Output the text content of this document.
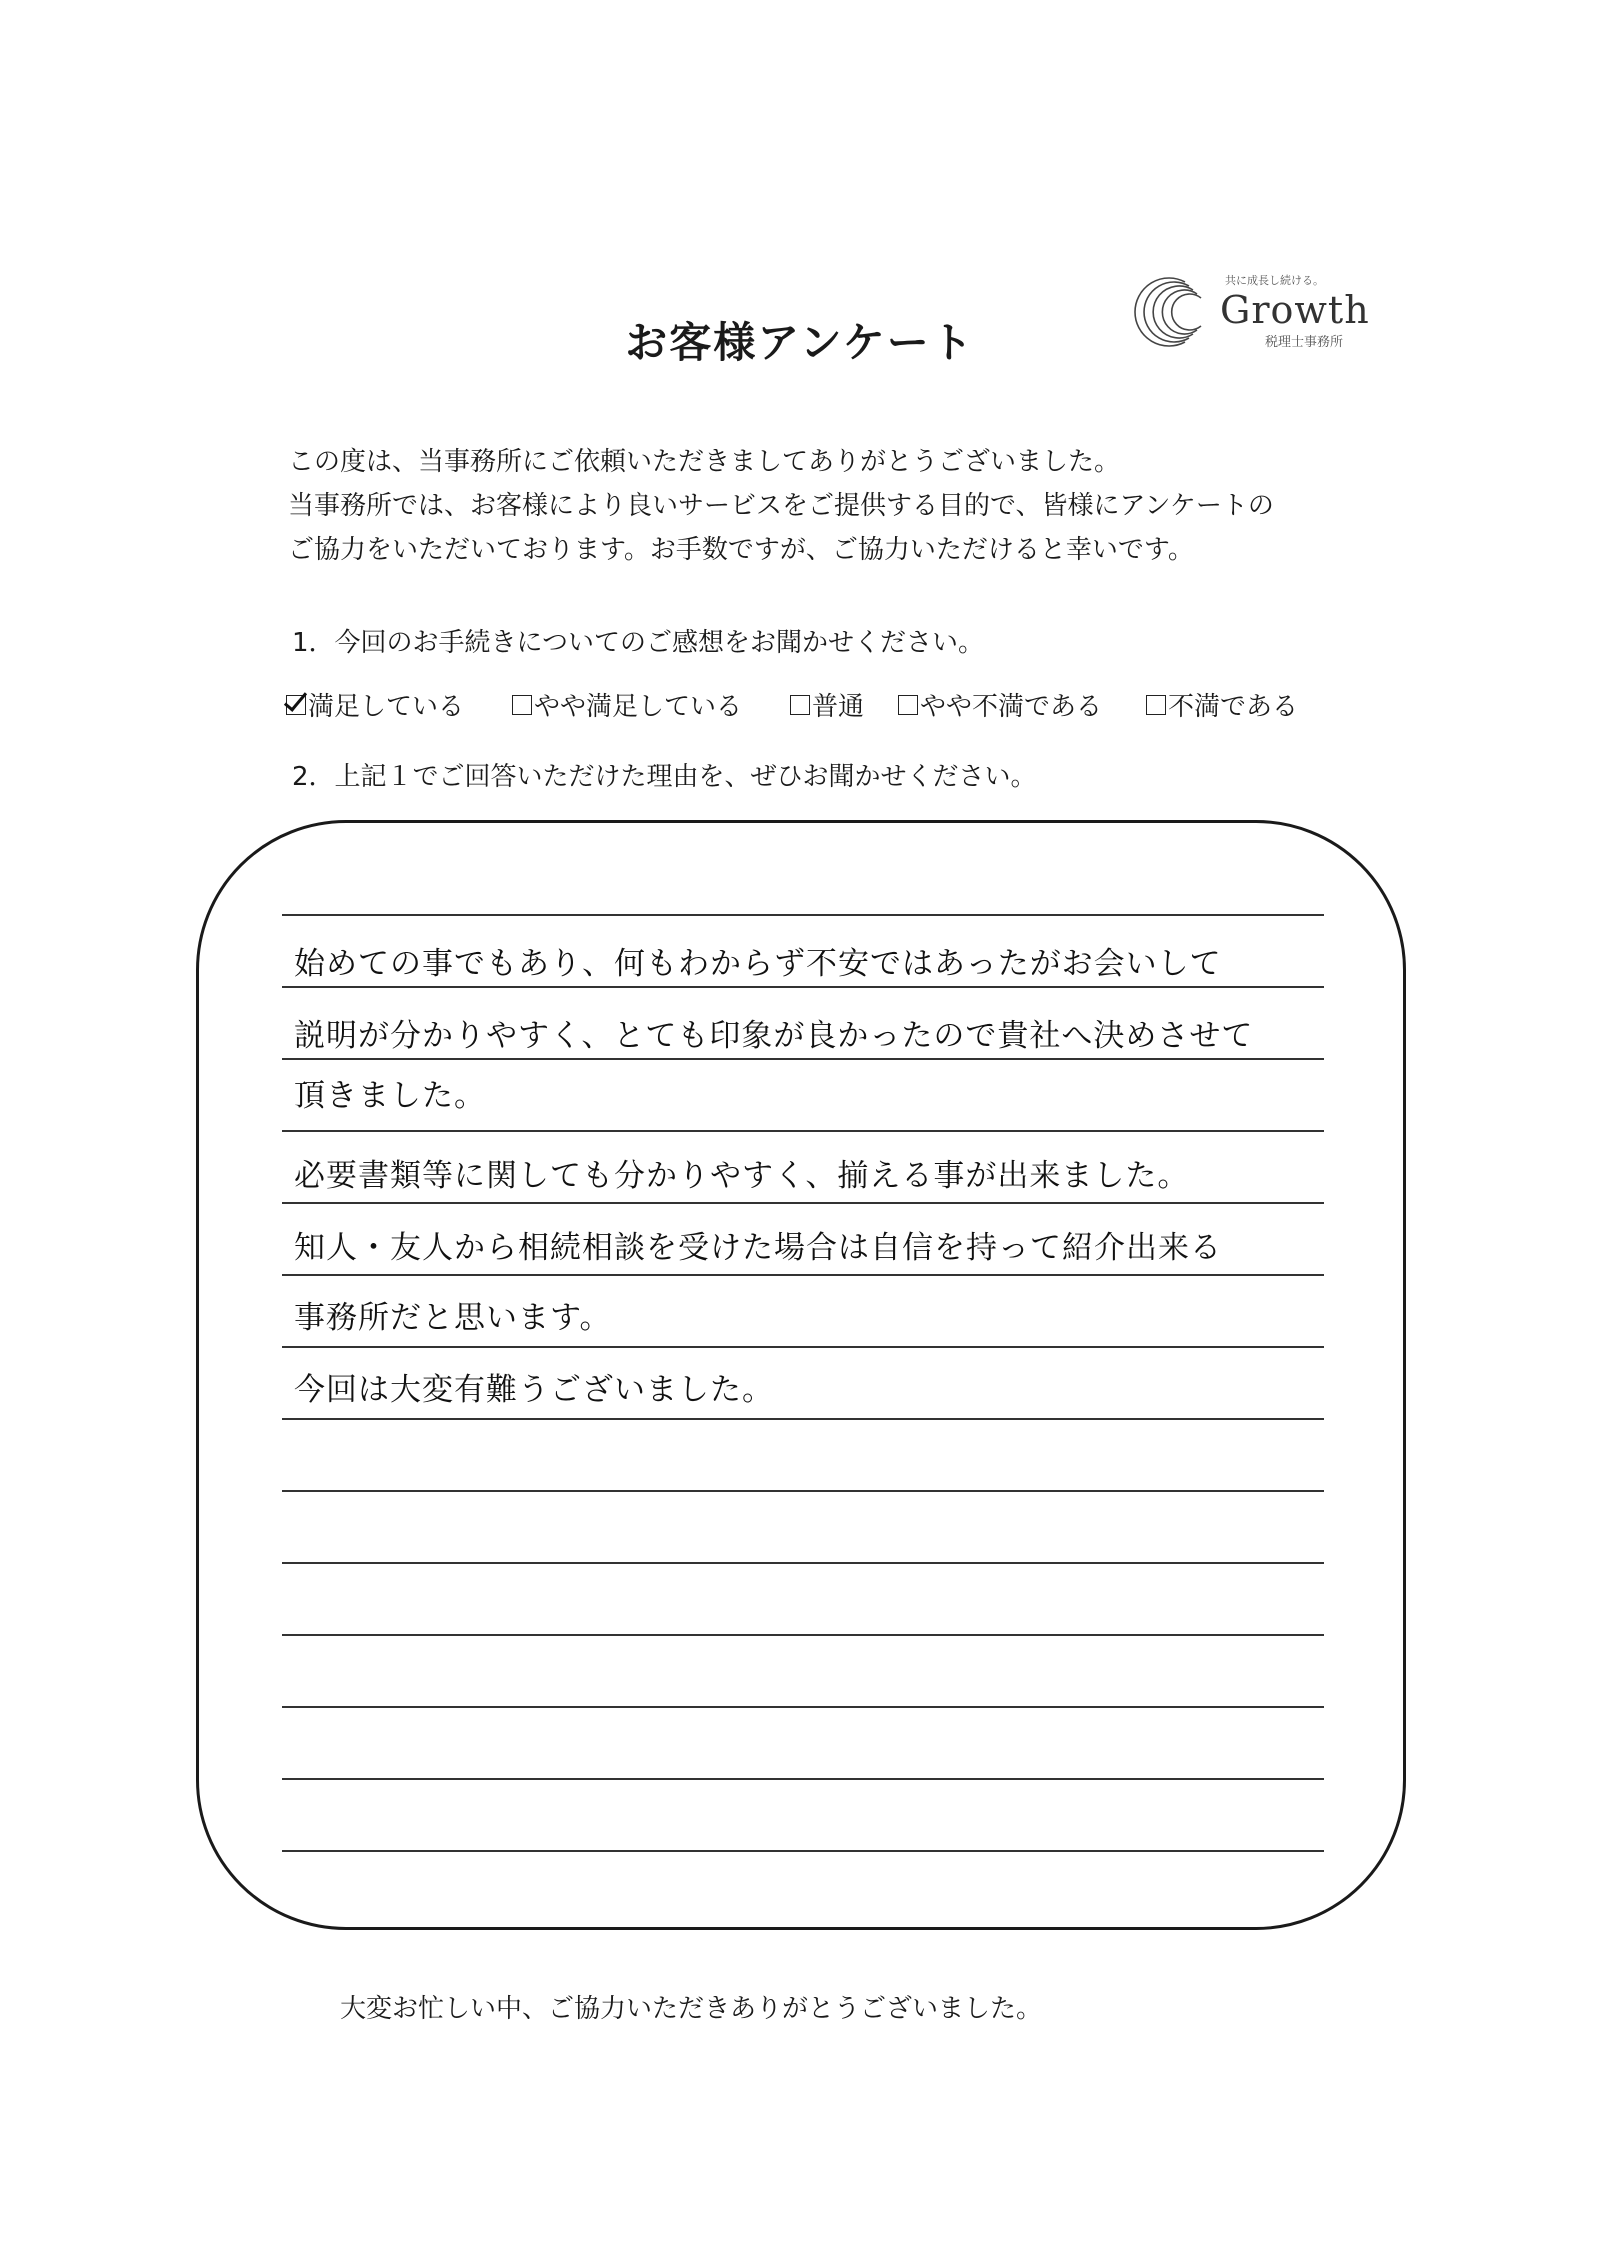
お客様アンケート
共に成長し続ける。
Growth
税理士事務所
この度は、当事務所にご依頼いただきましてありがとうございました。
当事務所では、お客様により良いサービスをご提供する目的で、皆様にアンケートの
ご協力をいただいております。お手数ですが、ご協力いただけると幸いです。
1．今回のお手続きについてのご感想をお聞かせください。
満足している	やや満足している	普通 やや不満である	不満である
2．上記１でご回答いただけた理由を、ぜひお聞かせください。
始めての事でもあり、何もわからず不安ではあったがお会いして
説明が分かりやすく、とても印象が良かったので貴社へ決めさせて
頂きました。
必要書類等に関しても分かりやすく、揃える事が出来ました。
知人・友人から相続相談を受けた場合は自信を持って紹介出来る
事務所だと思います。
今回は大変有難うございました。
大変お忙しい中、ご協力いただきありがとうございました。
